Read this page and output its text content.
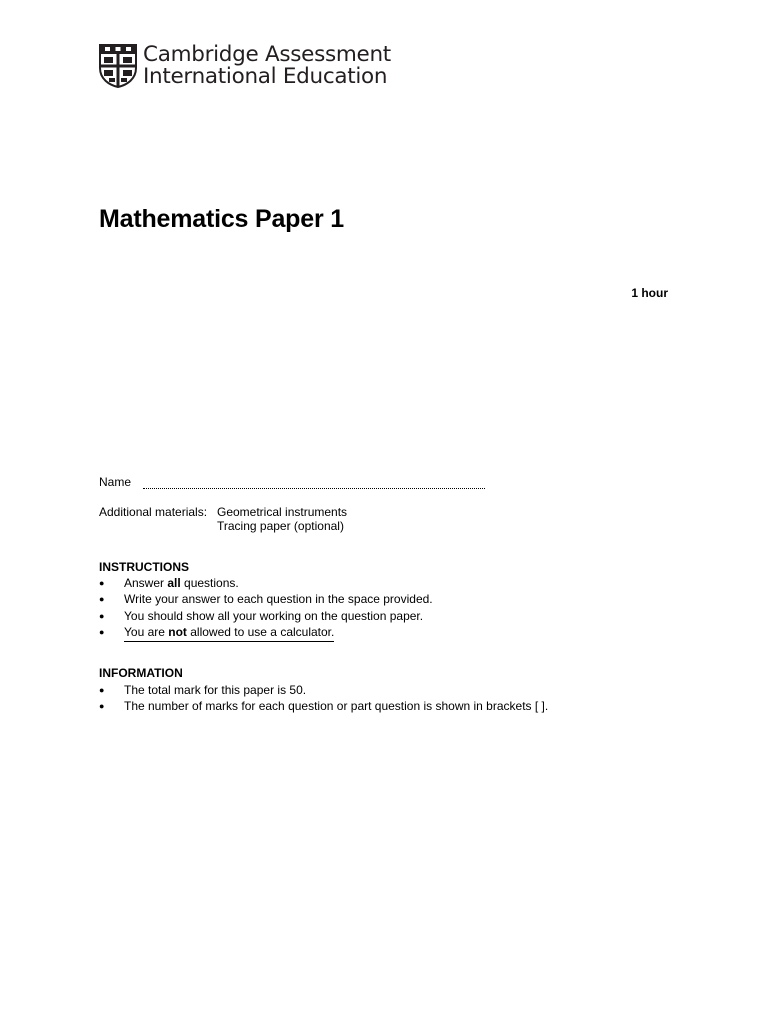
Cambridge Assessment
International Education
Mathematics Paper 1
1 hour
Name
Additional materials: Geometrical instruments
Tracing paper (optional)
INSTRUCTIONS
● Answer all questions.
● Write your answer to each question in the space provided.
● You should show all your working on the question paper.
● You are not allowed to use a calculator.
INFORMATION
● The total mark for this paper is 50.
● The number of marks for each question or part question is shown in brackets [ ].
